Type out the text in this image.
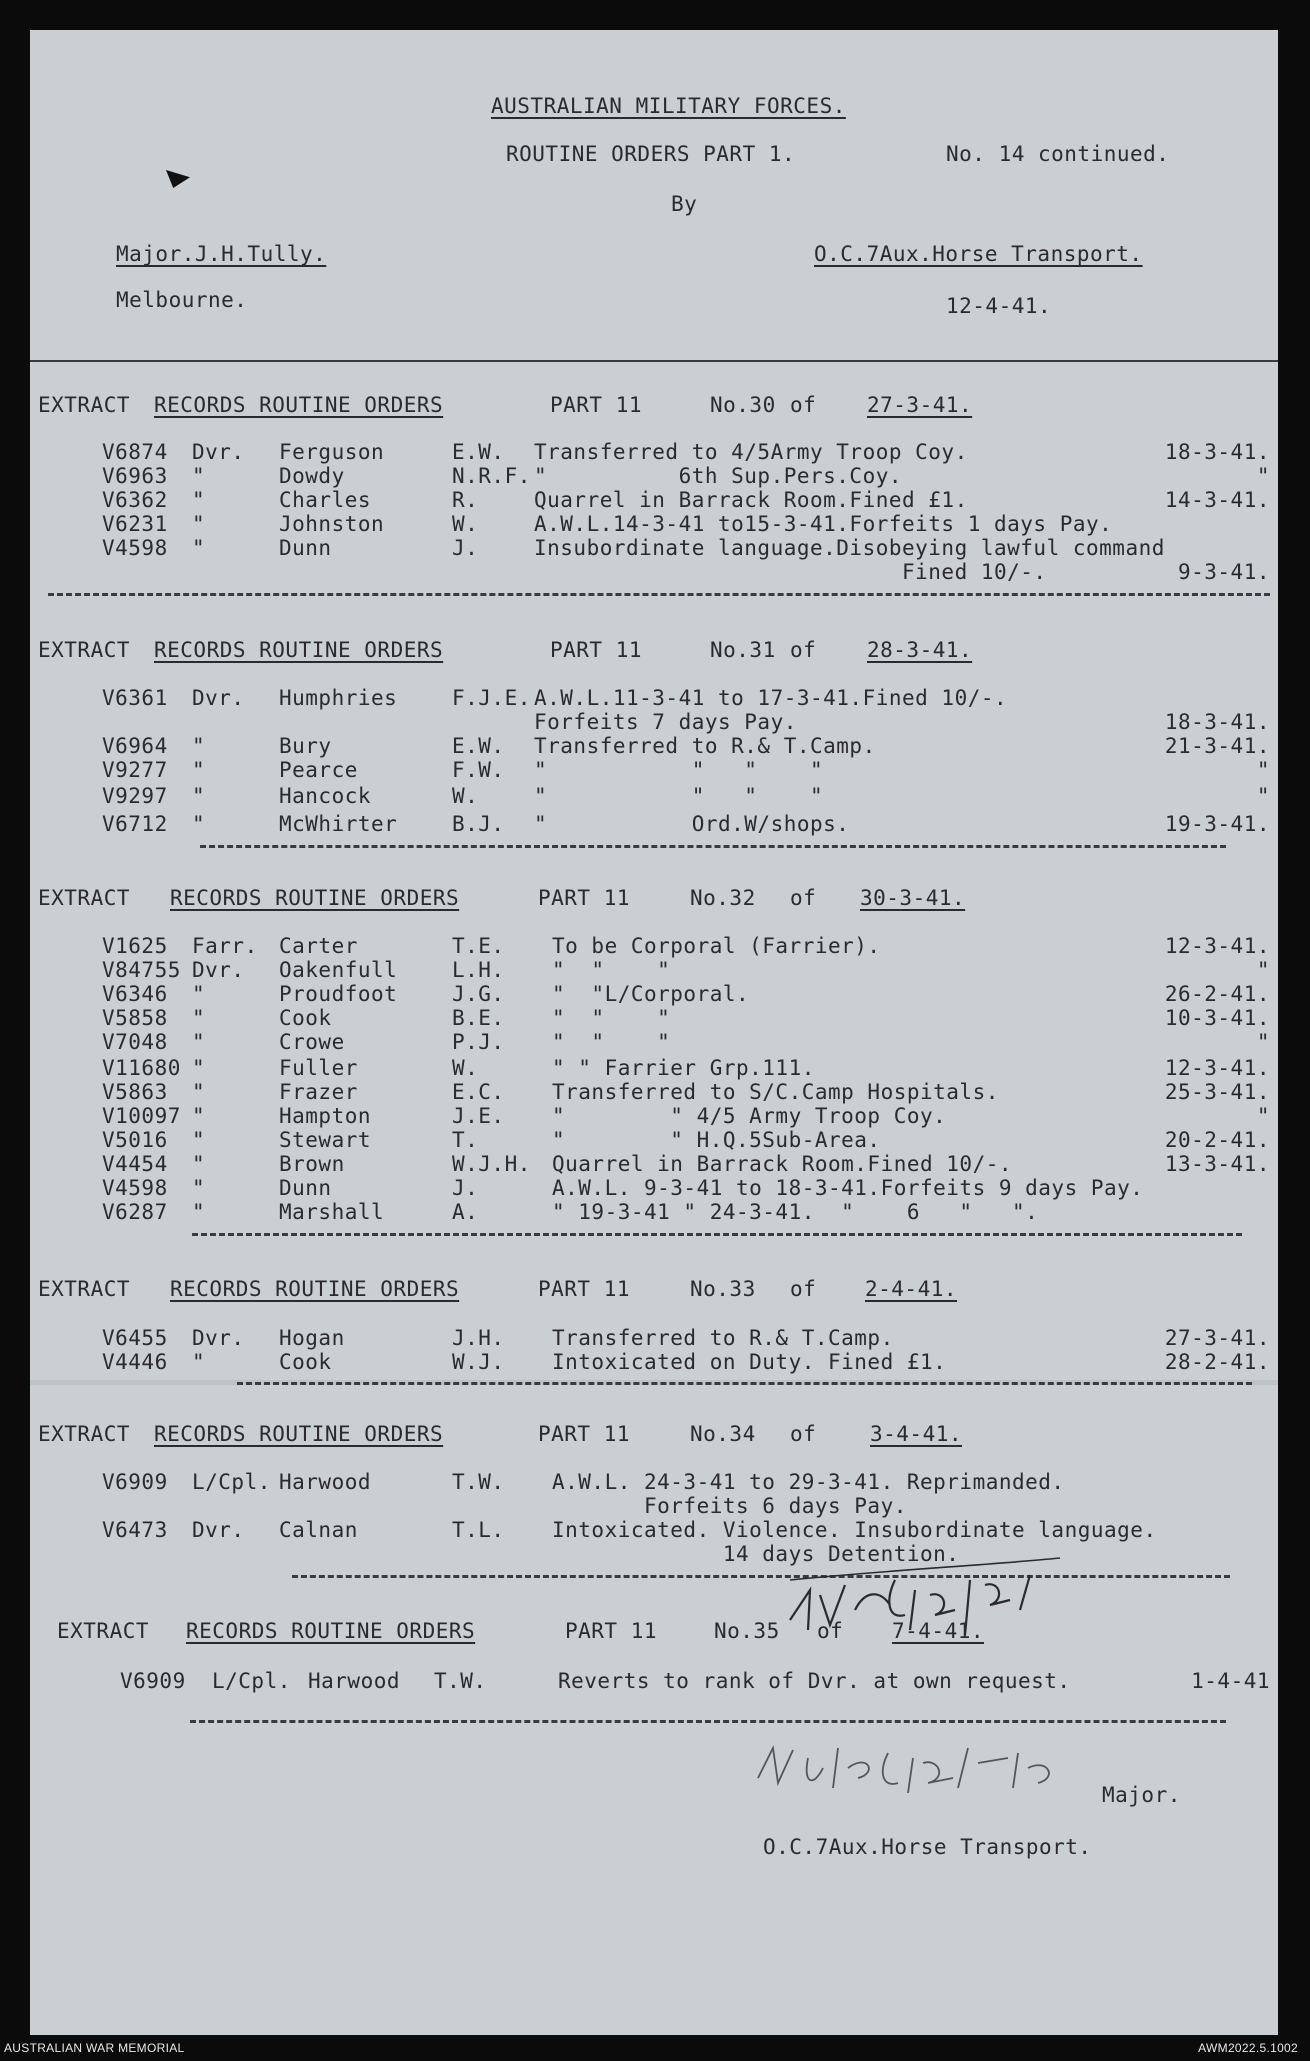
AUSTRALIAN MILITARY FORCES.
ROUTINE ORDERS PART 1.	No. 14 continued.
By
Major.J.H.Tully.	O.C.7Aux.Horse Transport.
Melbourne.	12-4-41.
EXTRACT RECORDS ROUTINE ORDERS	PART 11	No.30 of 27-3-41.
V6874 Dvr. Ferguson	E.W. Transferred to 4/5Army Troop Coy.	18-3-41.
V6963 "	Dowdy	N.R.F. "          6th Sup.Pers.Coy.	"
V6362 "	Charles	R.	Quarrel in Barrack Room.Fined £1.	14-3-41.
V6231 "	Johnston	W.	A.W.L.14-3-41 to15-3-41.Forfeits 1 days Pay.
V4598 "	Dunn	J.	Insubordinate language.Disobeying lawful command
Fined 10/-.	9-3-41.
EXTRACT RECORDS ROUTINE ORDERS	PART 11	No.31 of 28-3-41.
V6361 Dvr. Humphries	F.J.E. A.W.L.11-3-41 to 17-3-41.Fined 10/-.
Forfeits 7 days Pay.	18-3-41.
V6964 "	Bury	E.W. Transferred to R.& T.Camp.	21-3-41.
V9277 "	Pearce	F.W. "           "   "    "	"
V9297 "	Hancock	W.	"           "   "    "	"
V6712 "	McWhirter	B.J. "           Ord.W/shops.	19-3-41.
EXTRACT RECORDS ROUTINE ORDERS	PART 11	No.32 of 30-3-41.
V1625 Farr. Carter	T.E. To be Corporal (Farrier).	12-3-41.
V84755 Dvr. Oakenfull	L.H. "  "    "	"
V6346 "	Proudfoot	J.G. "  "L/Corporal.	26-2-41.
V5858 "	Cook	B.E. "  "    "	10-3-41.
V7048 "	Crowe	P.J. "  "    "	"
V11680 "	Fuller	W.	" " Farrier Grp.111.	12-3-41.
V5863 "	Frazer	E.C. Transferred to S/C.Camp Hospitals.	25-3-41.
V10097 "	Hampton	J.E. "        " 4/5 Army Troop Coy.	"
V5016 "	Stewart	T.	"        " H.Q.5Sub-Area.	20-2-41.
V4454 "	Brown	W.J.H. Quarrel in Barrack Room.Fined 10/-.	13-3-41.
V4598 "	Dunn	J.	A.W.L. 9-3-41 to 18-3-41.Forfeits 9 days Pay.
V6287 "	Marshall	A.	" 19-3-41 " 24-3-41.  "    6   "   ".
EXTRACT RECORDS ROUTINE ORDERS	PART 11	No.33 of 2-4-41.
V6455 Dvr. Hogan	J.H. Transferred to R.& T.Camp.	27-3-41.
V4446 "	Cook	W.J. Intoxicated on Duty. Fined £1.	28-2-41.
EXTRACT RECORDS ROUTINE ORDERS	PART 11	No.34 of	3-4-41.
V6909 L/Cpl. Harwood	T.W. A.W.L. 24-3-41 to 29-3-41. Reprimanded.
Forfeits 6 days Pay.
V6473 Dvr. Calnan	T.L. Intoxicated. Violence. Insubordinate language.
14 days Detention.
EXTRACT RECORDS ROUTINE ORDERS	PART 11	No.35 of 7-4-41.
V6909 L/Cpl. Harwood T.W.	Reverts to rank of Dvr. at own request.	1-4-41
Major.
O.C.7Aux.Horse Transport.
AUSTRALIAN WAR MEMORIAL	AWM2022.5.1002
